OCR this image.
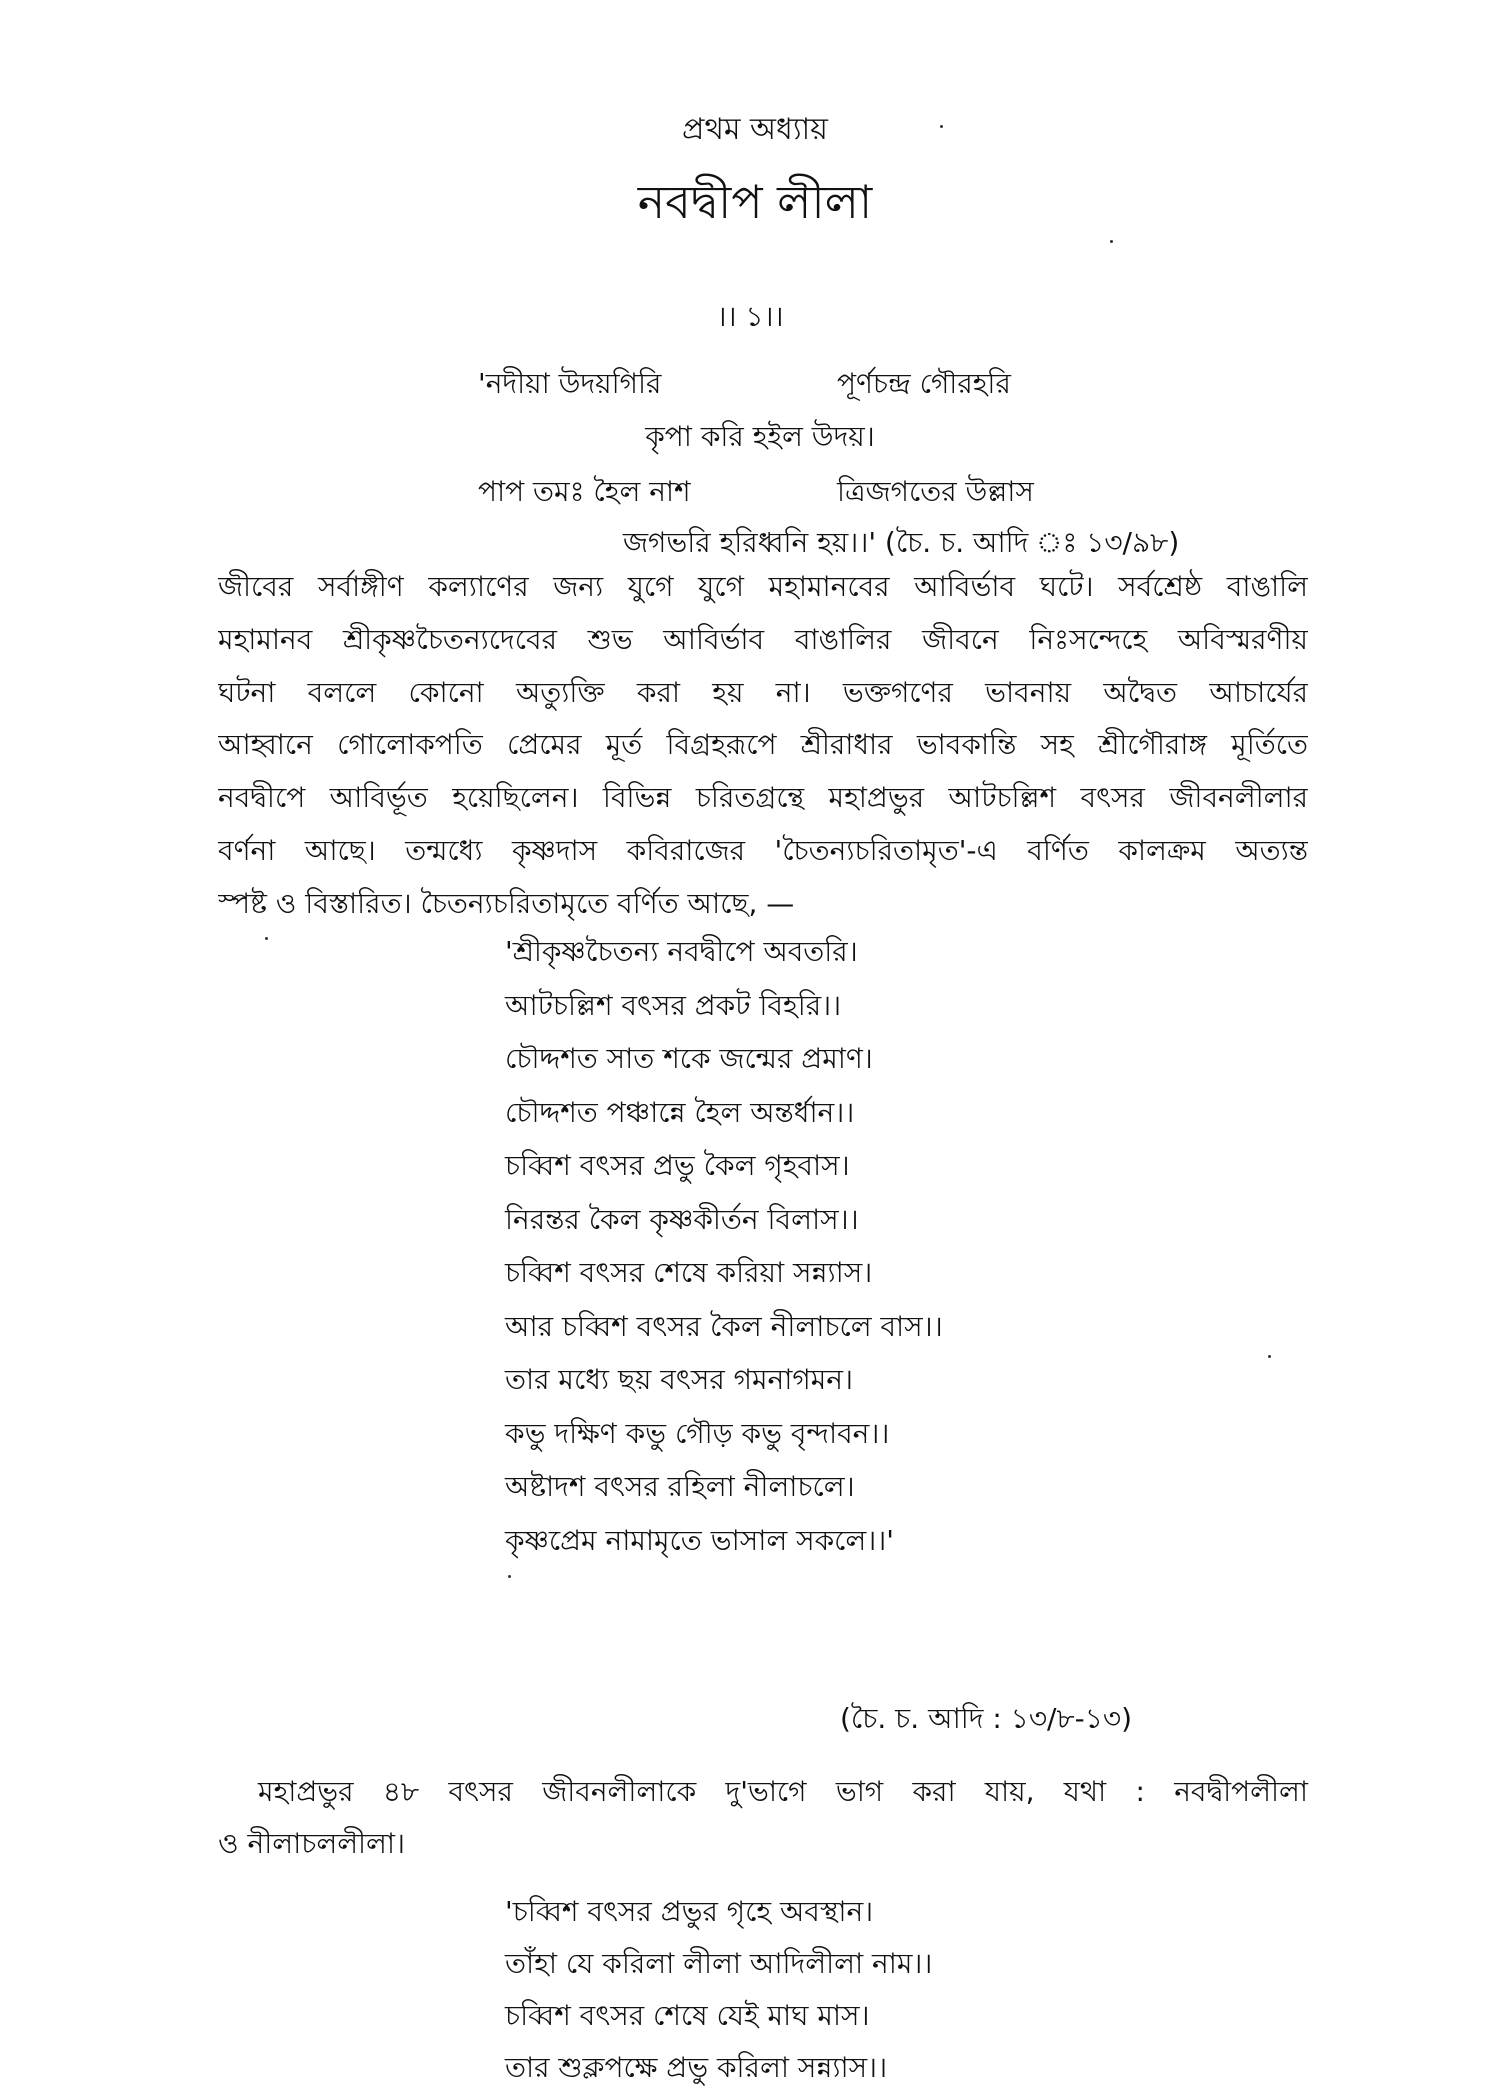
প্রথম অধ্যায়
নবদ্বীপ লীলা
।। ১।।
'নদীয়া উদয়গিরি	পূর্ণচন্দ্র গৌরহরি
কৃপা করি হইল উদয়।
পাপ তমঃ হৈল নাশ	ত্রিজগতের উল্লাস
জগভরি হরিধ্বনি হয়।।' (চৈ. চ. আদি ঃ ১৩/৯৮)
জীবের সর্বাঙ্গীণ কল্যাণের জন্য যুগে যুগে মহামানবের আবির্ভাব ঘটে। সর্বশ্রেষ্ঠ বাঙালি
মহামানব শ্রীকৃষ্ণচৈতন্যদেবের শুভ আবির্ভাব বাঙালির জীবনে নিঃসন্দেহে অবিস্মরণীয়
ঘটনা বললে কোনো অত্যুক্তি করা হয় না। ভক্তগণের ভাবনায় অদ্বৈত আচার্যের
আহ্বানে গোলোকপতি প্রেমের মূর্ত বিগ্রহরূপে শ্রীরাধার ভাবকান্তি সহ শ্রীগৌরাঙ্গ মূর্তিতে
নবদ্বীপে আবির্ভূত হয়েছিলেন। বিভিন্ন চরিতগ্রন্থে মহাপ্রভুর আটচল্লিশ বৎসর জীবনলীলার
বর্ণনা আছে। তন্মধ্যে কৃষ্ণদাস কবিরাজের 'চৈতন্যচরিতামৃত'-এ বর্ণিত কালক্রম অত্যন্ত
স্পষ্ট ও বিস্তারিত। চৈতন্যচরিতামৃতে বর্ণিত আছে, —
'শ্রীকৃষ্ণচৈতন্য নবদ্বীপে অবতরি।
আটচল্লিশ বৎসর প্রকট বিহরি।।
চৌদ্দশত সাত শকে জন্মের প্রমাণ।
চৌদ্দশত পঞ্চান্নে হৈল অন্তর্ধান।।
চব্বিশ বৎসর প্রভু কৈল গৃহবাস।
নিরন্তর কৈল কৃষ্ণকীর্তন বিলাস।।
চব্বিশ বৎসর শেষে করিয়া সন্ন্যাস।
আর চব্বিশ বৎসর কৈল নীলাচলে বাস।।
তার মধ্যে ছয় বৎসর গমনাগমন।
কভু দক্ষিণ কভু গৌড় কভু বৃন্দাবন।।
অষ্টাদশ বৎসর রহিলা নীলাচলে।
কৃষ্ণপ্রেম নামামৃতে ভাসাল সকলে।।'
(চৈ. চ. আদি : ১৩/৮-১৩)
মহাপ্রভুর ৪৮ বৎসর জীবনলীলাকে দু'ভাগে ভাগ করা যায়, যথা : নবদ্বীপলীলা
ও নীলাচললীলা।
'চব্বিশ বৎসর প্রভুর গৃহে অবস্থান।
তাঁহা যে করিলা লীলা আদিলীলা নাম।।
চব্বিশ বৎসর শেষে যেই মাঘ মাস।
তার শুক্লপক্ষে প্রভু করিলা সন্ন্যাস।।
